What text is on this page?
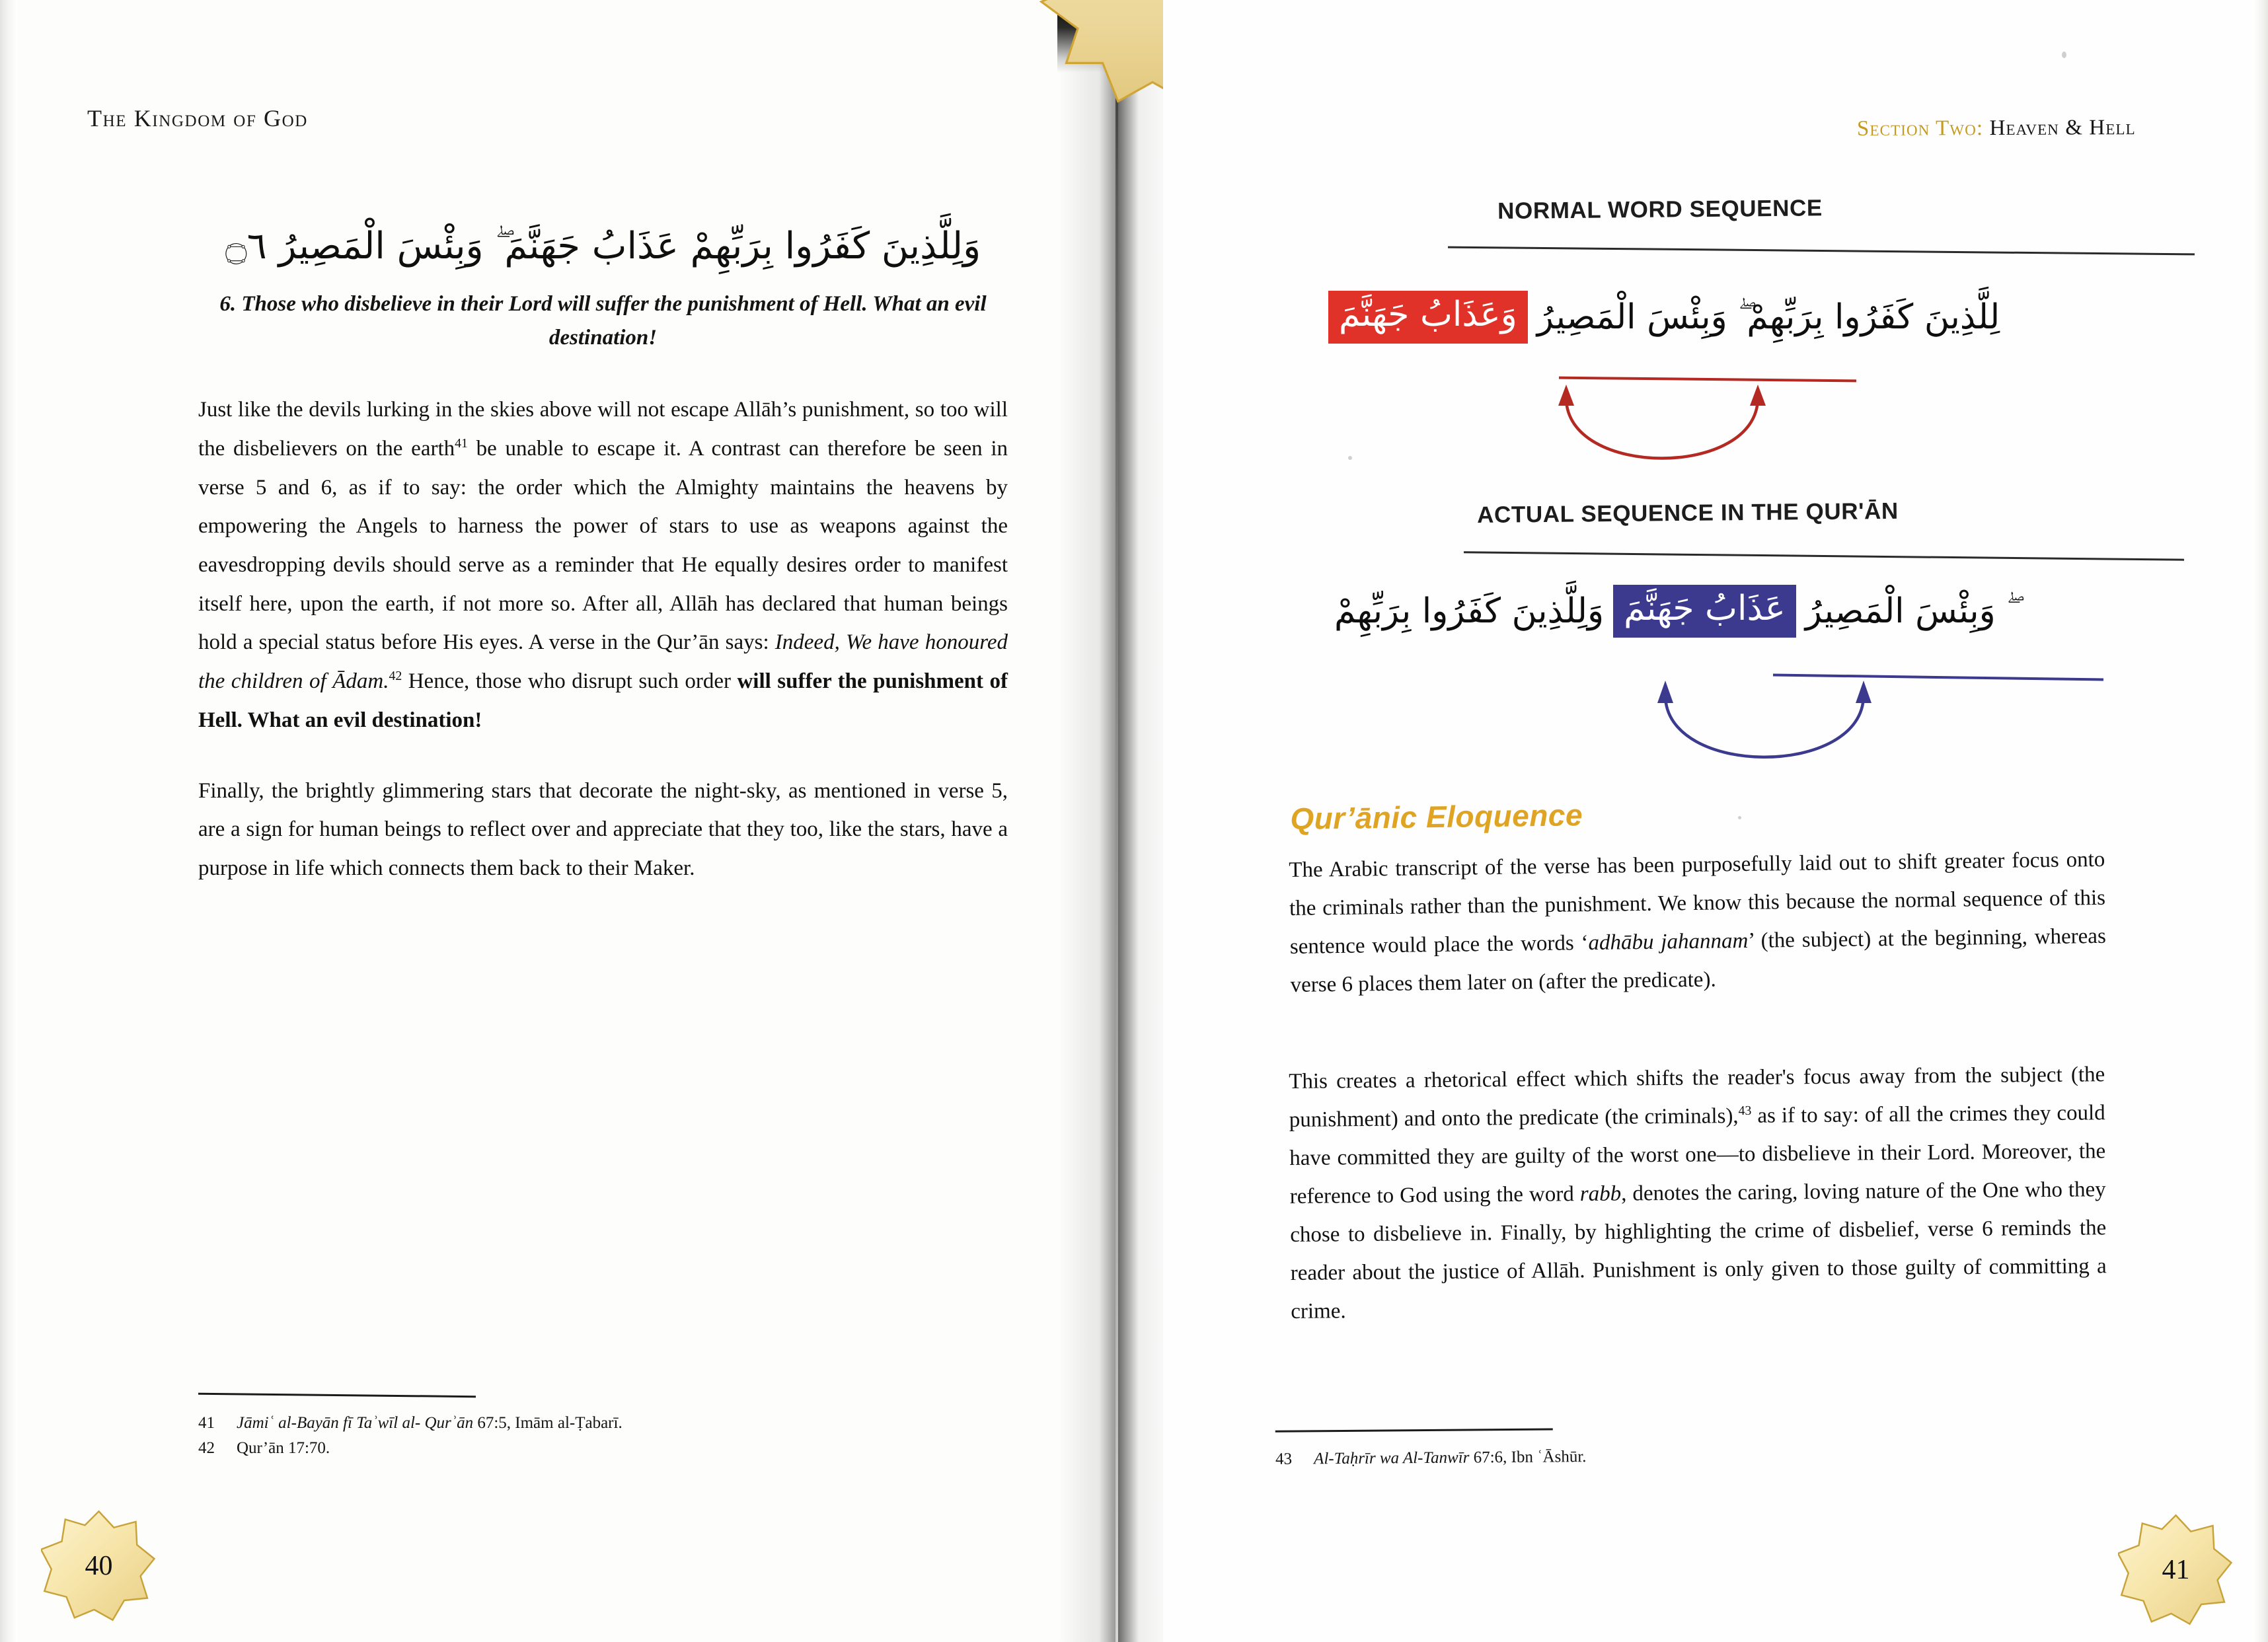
The Kingdom of God
وَلِلَّذِينَ كَفَرُوا بِرَبِّهِمْ عَذَابُ جَهَنَّمَ ۖ وَبِئْسَ الْمَصِيرُ ۝٦
6. Those who disbelieve in their Lord will suffer the punishment of Hell. What an evil destination!

Just like the devils lurking in the skies above will not escape Allāh’s punishment, so too will the disbelievers on the earth$^{41}$ be unable to escape it. A contrast can therefore be seen in verse 5 and 6, as if to say: the order which the Almighty maintains the heavens by empowering the Angels to harness the power of stars to use as weapons against the eavesdropping devils should serve as a reminder that He equally desires order to manifest itself here, upon the earth, if not more so. After all, Allāh has declared that human beings hold a special status before His eyes. A verse in the Qur’ān says: Indeed, We have honoured the children of Ādam.$^{42}$ Hence, those who disrupt such order will suffer the punishment of Hell. What an evil destination!

Finally, the brightly glimmering stars that decorate the night-sky, as mentioned in verse 5, are a sign for human beings to reflect over and appreciate that they too, like the stars, have a purpose in life which connects them back to their Maker.

41	Jāmiʿ al-Bayān fī Taʾwīl al- Qurʾān 67:5, Imām al-Ṭabarī.
42	Qur’ān 17:70.
40
Section Two: Heaven & Hell
NORMAL WORD SEQUENCE
لِلَّذِينَ كَفَرُوا بِرَبِّهِمْ ۖ وَبِئْسَ الْمَصِيرُ
وَعَذَابُ جَهَنَّمَ
ACTUAL SEQUENCE IN THE QUR'ĀN
ۖ وَبِئْسَ الْمَصِيرُ
عَذَابُ جَهَنَّمَ
وَلِلَّذِينَ كَفَرُوا بِرَبِّهِمْ
Qur’ānic Eloquence
The Arabic transcript of the verse has been purposefully laid out to shift greater focus onto the criminals rather than the punishment. We know this because the normal sequence of this sentence would place the words ‘adhābu jahannam’ (the subject) at the beginning, whereas verse 6 places them later on (after the predicate).
This creates a rhetorical effect which shifts the reader's focus away from the subject (the punishment) and onto the predicate (the criminals),$^{43}$ as if to say: of all the crimes they could have committed they are guilty of the worst one—to disbelieve in their Lord. Moreover, the reference to God using the word rabb, denotes the caring, loving nature of the One who they chose to disbelieve in. Finally, by highlighting the crime of disbelief, verse 6 reminds the reader about the justice of Allāh. Punishment is only given to those guilty of committing a crime.
43	Al-Taḥrīr wa Al-Tanwīr 67:6, Ibn ʿĀshūr.
41
